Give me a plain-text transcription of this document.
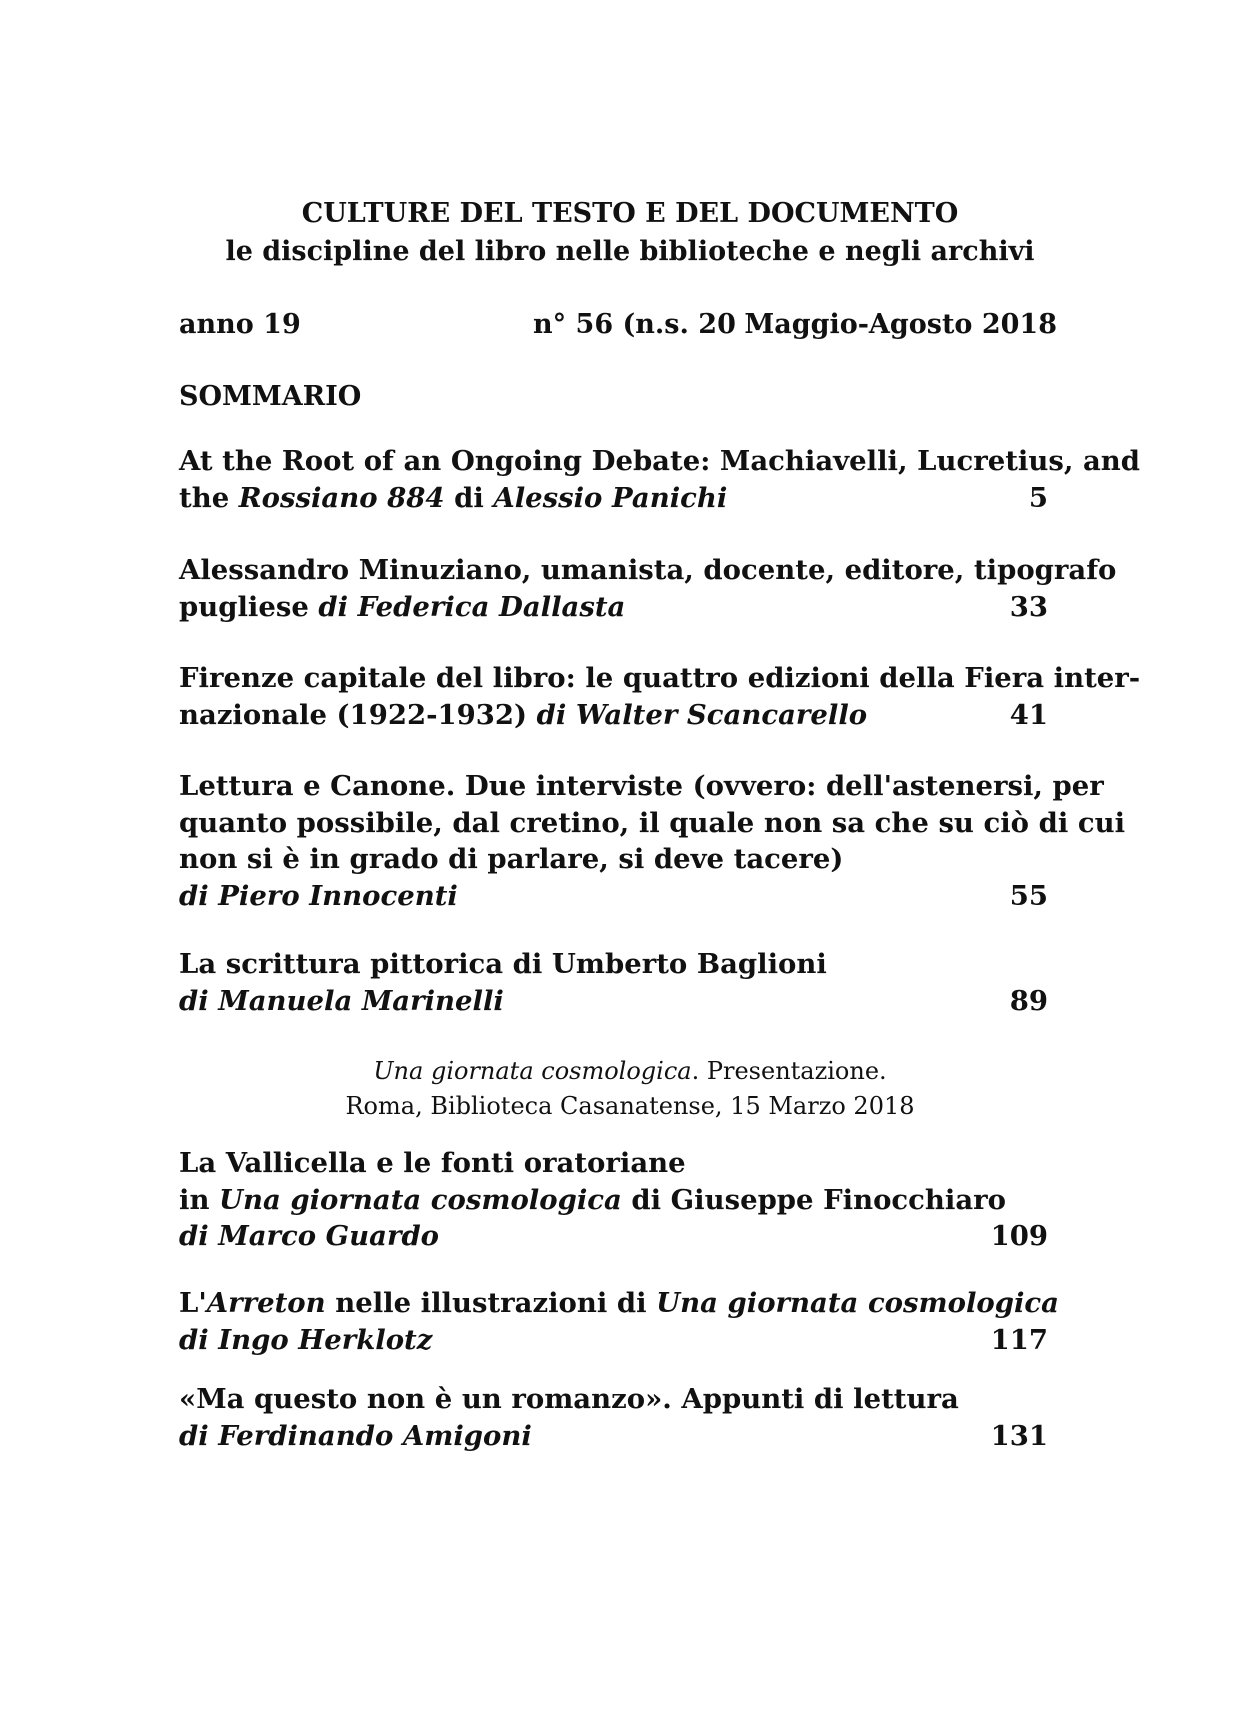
CULTURE DEL TESTO E DEL DOCUMENTO
le discipline del libro nelle biblioteche e negli archivi
anno 19	n° 56 (n.s. 20 Maggio-Agosto 2018
SOMMARIO
At the Root of an Ongoing Debate: Machiavelli, Lucretius, and
the Rossiano 884 di Alessio Panichi	5
Alessandro Minuziano, umanista, docente, editore, tipografo
pugliese di Federica Dallasta	33
Firenze capitale del libro: le quattro edizioni della Fiera inter-
nazionale (1922-1932) di Walter Scancarello	41
Lettura e Canone. Due interviste (ovvero: dell'astenersi, per
quanto possibile, dal cretino, il quale non sa che su ciò di cui
non si è in grado di parlare, si deve tacere)
di Piero Innocenti	55
La scrittura pittorica di Umberto Baglioni
di Manuela Marinelli	89
Una giornata cosmologica. Presentazione.
Roma, Biblioteca Casanatense, 15 Marzo 2018
La Vallicella e le fonti oratoriane
in Una giornata cosmologica di Giuseppe Finocchiaro
di Marco Guardo	109
L'Arreton nelle illustrazioni di Una giornata cosmologica
di Ingo Herklotz	117
«Ma questo non è un romanzo». Appunti di lettura
di Ferdinando Amigoni	131
